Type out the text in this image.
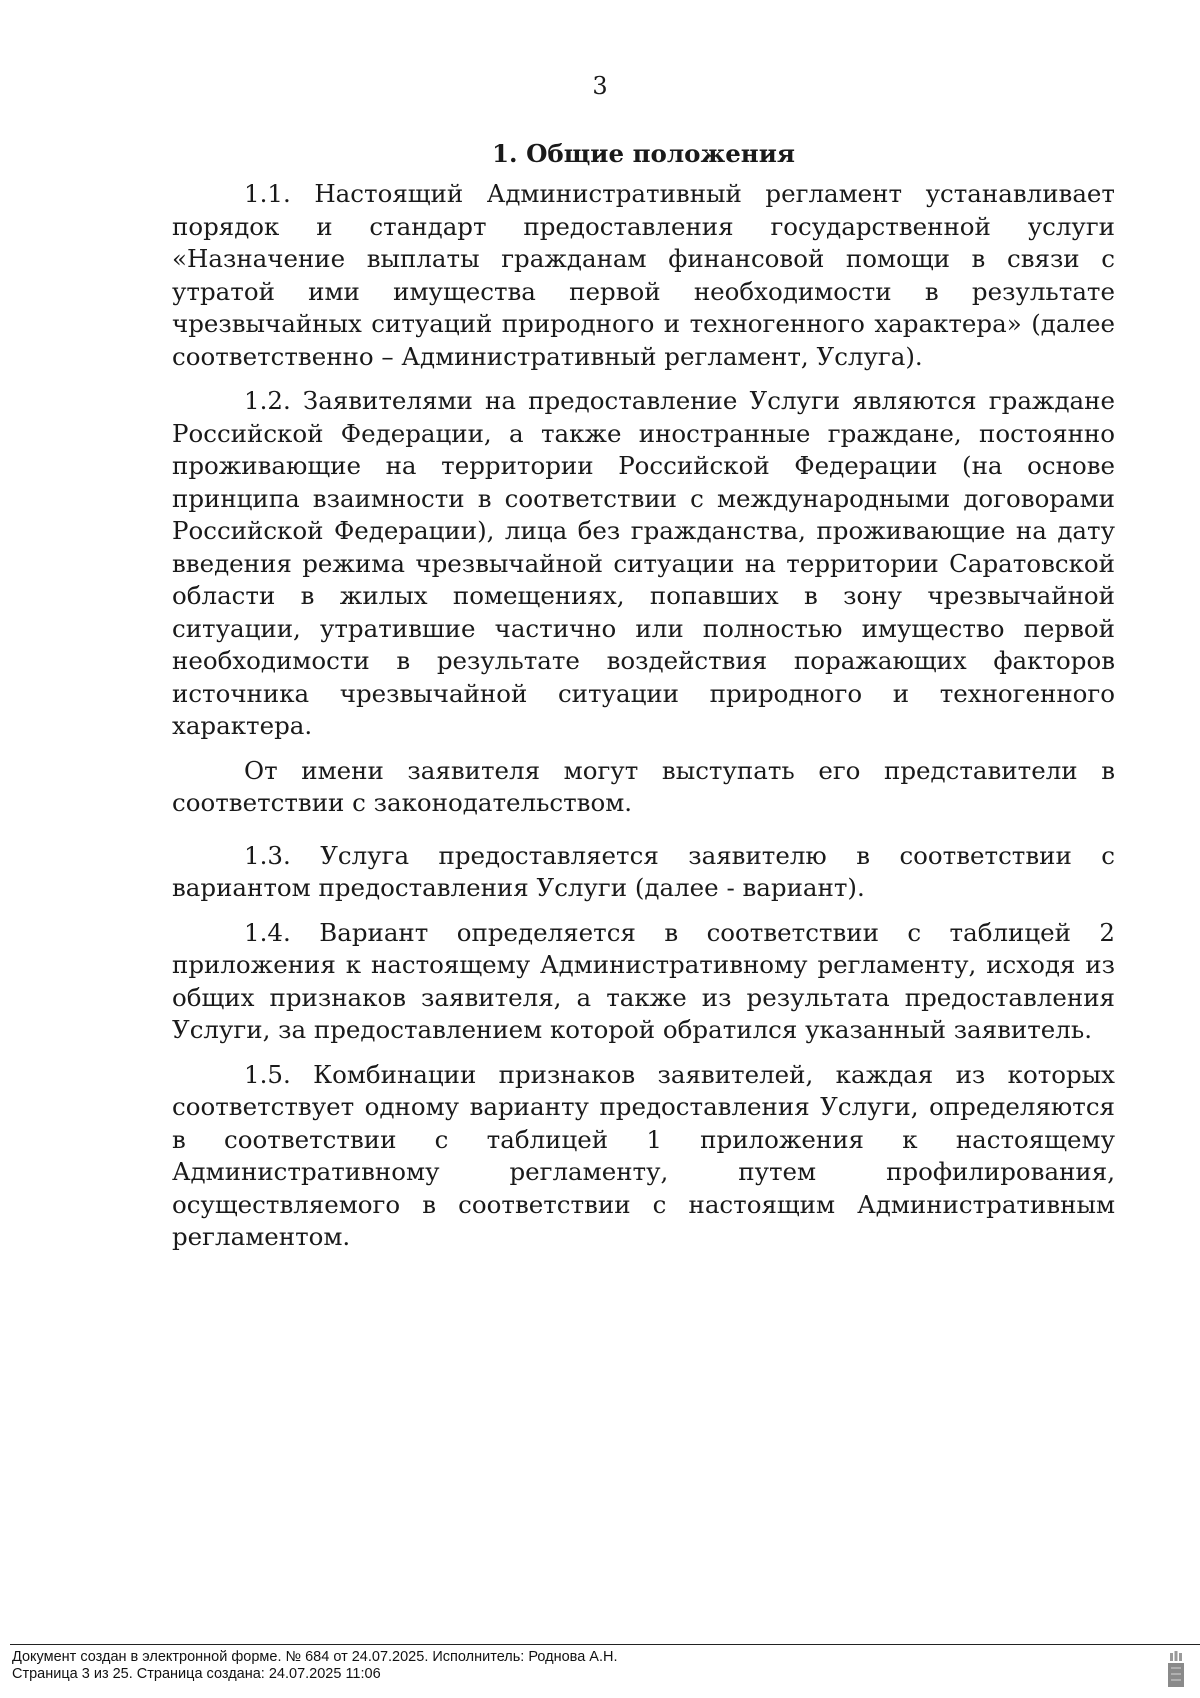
3

1. Общие положения

1.1. Настоящий Административный регламент устанавливает порядок и стандарт предоставления государственной услуги «Назначение выплаты гражданам финансовой помощи в связи с утратой ими имущества первой необходимости в результате чрезвычайных ситуаций природного и техногенного характера» (далее соответственно – Административный регламент, Услуга).

1.2. Заявителями на предоставление Услуги являются граждане Российской Федерации, а также иностранные граждане, постоянно проживающие на территории Российской Федерации (на основе принципа взаимности в соответствии с международными договорами Российской Федерации), лица без гражданства, проживающие на дату введения режима чрезвычайной ситуации на территории Саратовской области в жилых помещениях, попавших в зону чрезвычайной ситуации, утратившие частично или полностью имущество первой необходимости в результате воздействия поражающих факторов источника чрезвычайной ситуации природного и техногенного характера.

От имени заявителя могут выступать его представители в соответствии с законодательством.

1.3. Услуга предоставляется заявителю в соответствии с вариантом предоставления Услуги (далее - вариант).

1.4. Вариант определяется в соответствии с таблицей 2 приложения к настоящему Административному регламенту, исходя из общих признаков заявителя, а также из результата предоставления Услуги, за предоставлением которой обратился указанный заявитель.

1.5. Комбинации признаков заявителей, каждая из которых соответствует одному варианту предоставления Услуги, определяются в соответствии с таблицей 1 приложения к настоящему Административному регламенту, путем профилирования, осуществляемого в соответствии с настоящим Административным регламентом.

Документ создан в электронной форме. № 684 от 24.07.2025. Исполнитель: Роднова А.Н.
Страница 3 из 25. Страница создана: 24.07.2025 11:06
